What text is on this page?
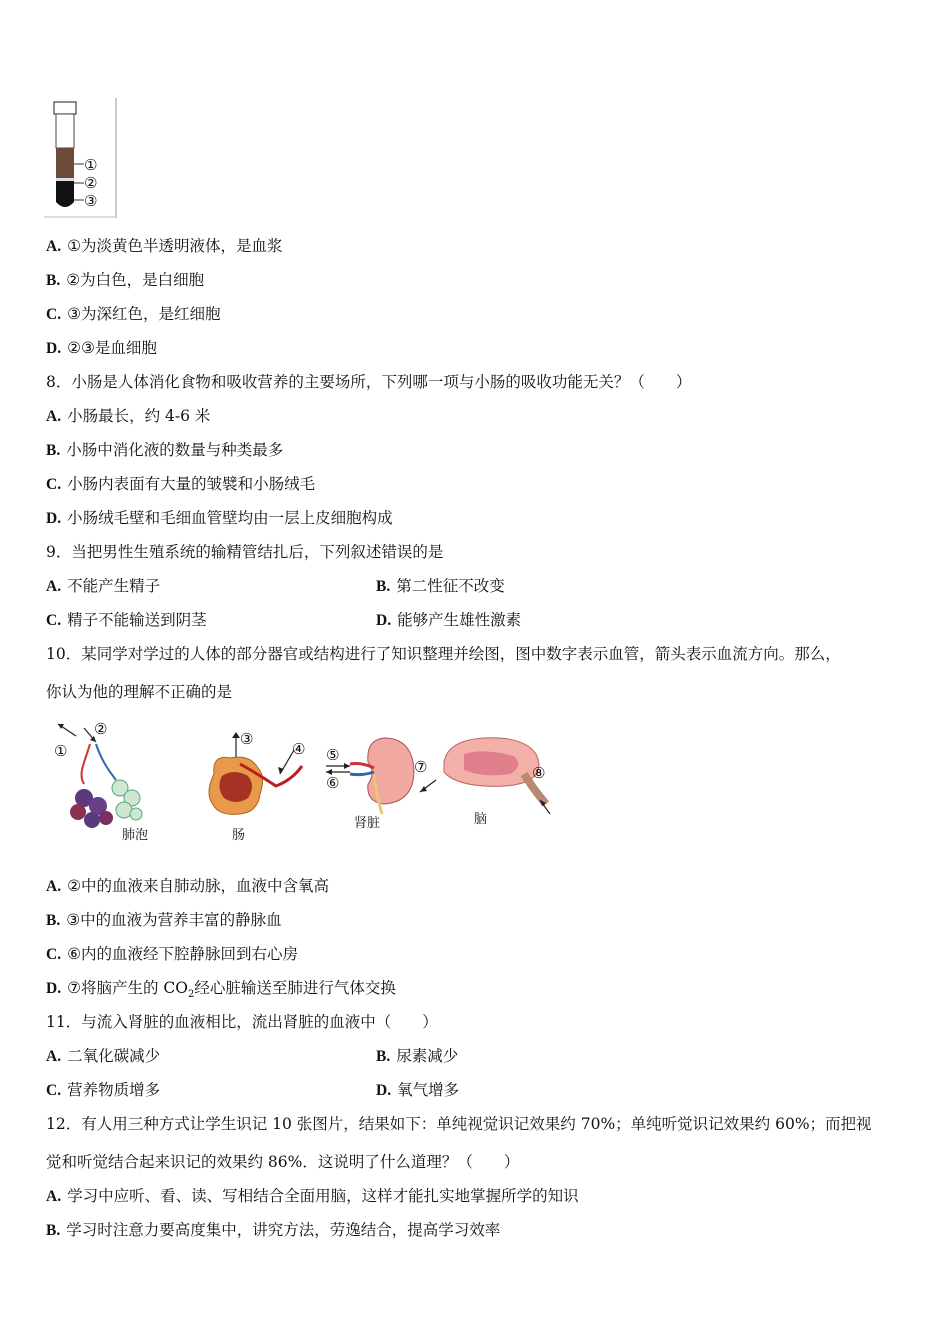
①
②
③
A. ①为淡黄色半透明液体，是血浆
B. ②为白色，是白细胞
C. ③为深红色，是红细胞
D. ②③是血细胞
8．小肠是人体消化食物和吸收营养的主要场所，下列哪一项与小肠的吸收功能无关？（　　）
A. 小肠最长，约 4-6 米
B. 小肠中消化液的数量与种类最多
C. 小肠内表面有大量的皱襞和小肠绒毛
D. 小肠绒毛壁和毛细血管壁均由一层上皮细胞构成
9．当把男性生殖系统的输精管结扎后，下列叙述错误的是
A. 不能产生精子	B. 第二性征不改变
C. 精子不能输送到阴茎	D. 能够产生雄性激素
10．某同学对学过的人体的部分器官或结构进行了知识整理并绘图，图中数字表示血管，箭头表示血流方向。那么，
你认为他的理解不正确的是
①
②
肺泡
③
④
肠
⑤
⑥
肾脏
⑦	⑧
脑
A. ②中的血液来自肺动脉，血液中含氧高
B. ③中的血液为营养丰富的静脉血
C. ⑥内的血液经下腔静脉回到右心房
D. ⑦将脑产生的 $CO_2$经心脏输送至肺进行气体交换
11．与流入肾脏的血液相比，流出肾脏的血液中（　　）
A. 二氧化碳减少	B. 尿素减少
C. 营养物质增多	D. 氧气增多
12．有人用三种方式让学生识记 10 张图片，结果如下：单纯视觉识记效果约 70%；单纯听觉识记效果约 60%；而把视
觉和听觉结合起来识记的效果约 86%．这说明了什么道理？（　　）
A. 学习中应听、看、读、写相结合全面用脑，这样才能扎实地掌握所学的知识
B. 学习时注意力要高度集中，讲究方法，劳逸结合，提高学习效率
